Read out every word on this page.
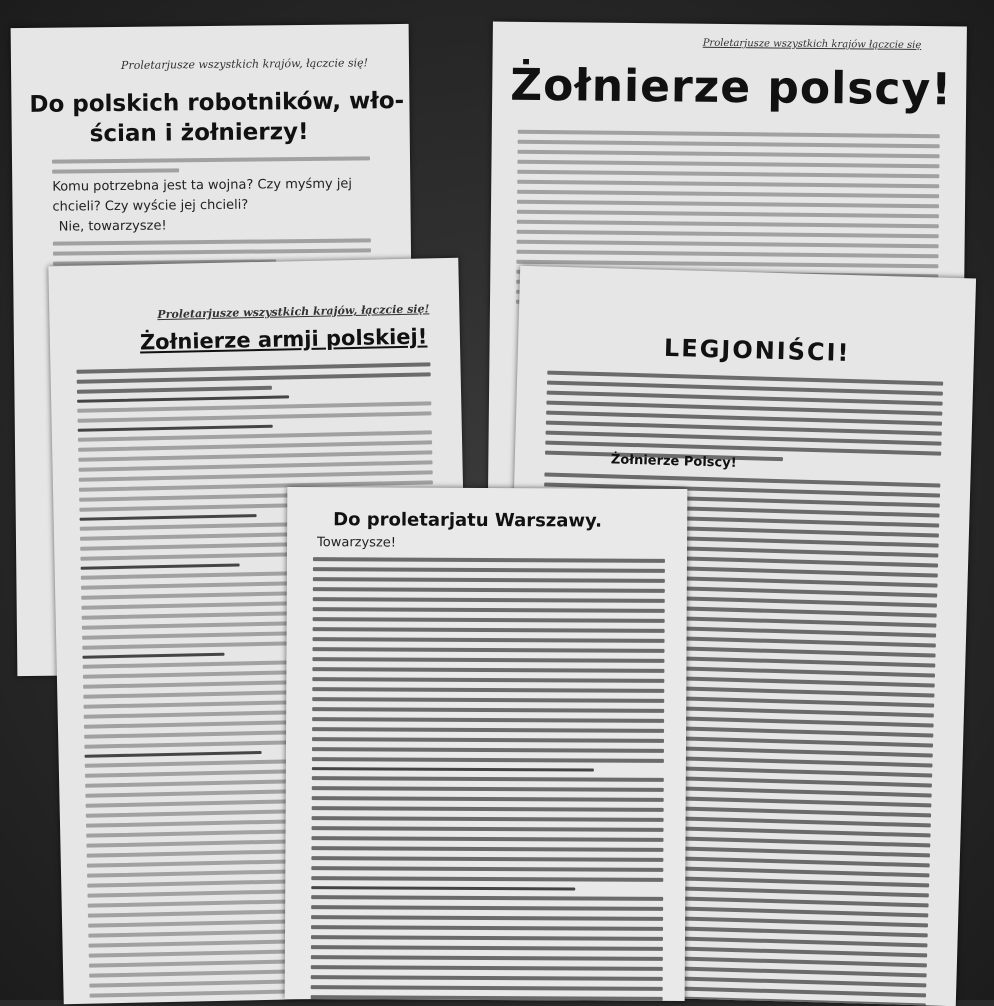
Proletarjusze wszystkich krajów, łączcie się!
Do polskich robotników, wło-
ścian i żołnierzy!
Komu potrzebna jest ta wojna? Czy myśmy jej
chcieli? Czy wyście jej chcieli?
Nie, towarzysze!
Proletarjusze wszystkich krajów łączcie się
Żołnierze polscy!
Proletarjusze wszystkich krajów, łączcie się!
Żołnierze armji polskiej!	LEGJONIŚCI!
Żołnierze Polscy!
Do proletarjatu Warszawy.
Towarzysze!
